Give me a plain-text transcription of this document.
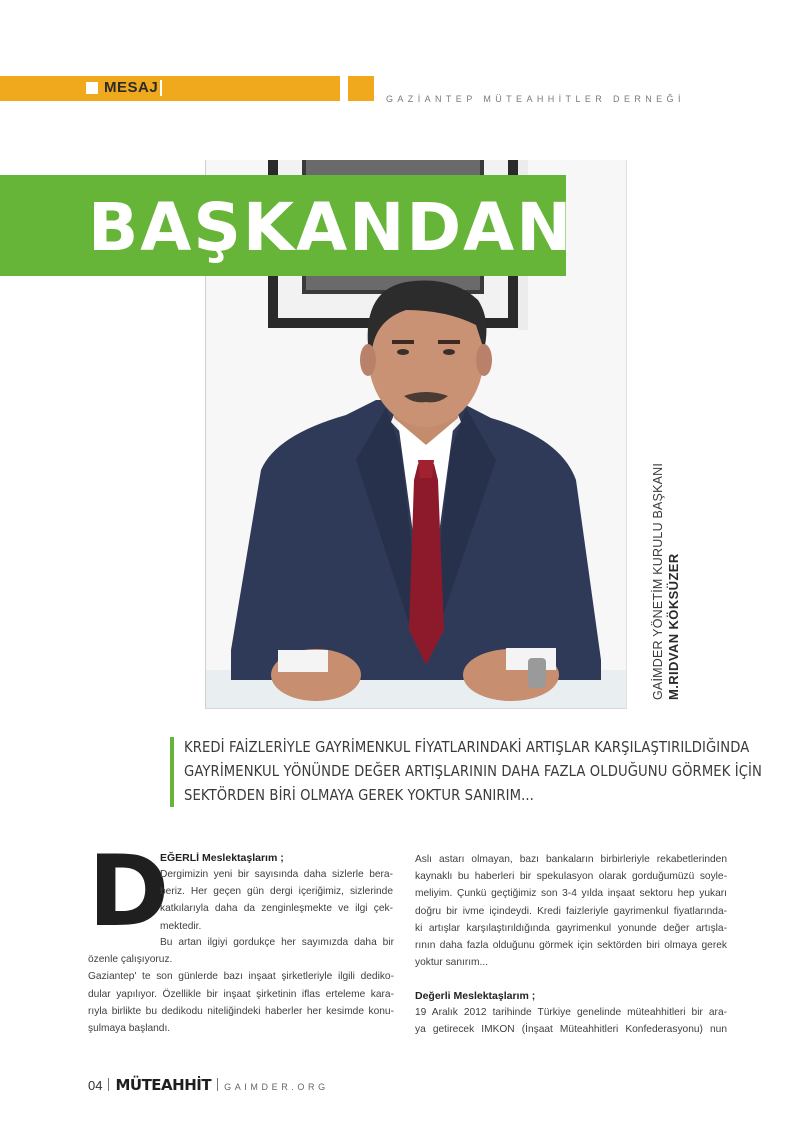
MESAJ
GAZİANTEP MÜTEAHHİTLER DERNEĞİ
BAŞKANDAN
GAİMDER YÖNETİM KURULU BAŞKANI M.RIDVAN KÖKSÜZER
KREDİ FAİZLERİYLE GAYRİMENKUL FİYATLARINDAKİ ARTIŞLAR KARŞILAŞTIRILDIĞINDA
GAYRİMENKUL YÖNÜNDE DEĞER ARTIŞLARININ DAHA FAZLA OLDUĞUNU GÖRMEK İÇİN
SEKTÖRDEN BİRİ OLMAYA GEREK YOKTUR SANIRIM...
D
EĞERLİ Meslektaşlarım ;

Dergimizin yeni bir sayısında daha sizlerle bera-

beriz. Her geçen gün dergi içeriğimiz, sizlerinde

katkılarıyla daha da zenginleşmekte ve ilgi çek-

mektedir.

Bu artan ilgiyi gordukçe her sayımızda daha bir

özenle çalışıyoruz.

Gaziantep' te son günlerde bazı inşaat şirketleriyle ilgili dediko-

dular yapılıyor. Özellikle bir inşaat şirketinin iflas erteleme kara-

rıyla birlikte bu dedikodu niteliğindeki haberler her kesimde konu-

şulmaya başlandı.

Aslı astarı olmayan, bazı bankaların birbirleriyle rekabetlerinden

kaynaklı bu haberleri bir spekulasyon olarak gorduğumüzü soyle-

meliyim. Çunkü geçtiğimiz son 3-4 yılda inşaat sektoru hep yukarı

doğru bir ivme içindeydi. Kredi faizleriyle gayrimenkul fiyatlarında-

ki artışlar karşılaştırıldığında gayrimenkul yonunde değer artışla-

rının daha fazla olduğunu görmek için sektörden biri olmaya gerek

yoktur sanırım...

Değerli Meslektaşlarım ;

19 Aralık 2012 tarihinde Türkiye genelinde müteahhitleri bir ara-

ya getirecek IMKON (İnşaat Müteahhitleri Konfederasyonu) nun

04 MÜTEAHHİT GAIMDER.ORG
